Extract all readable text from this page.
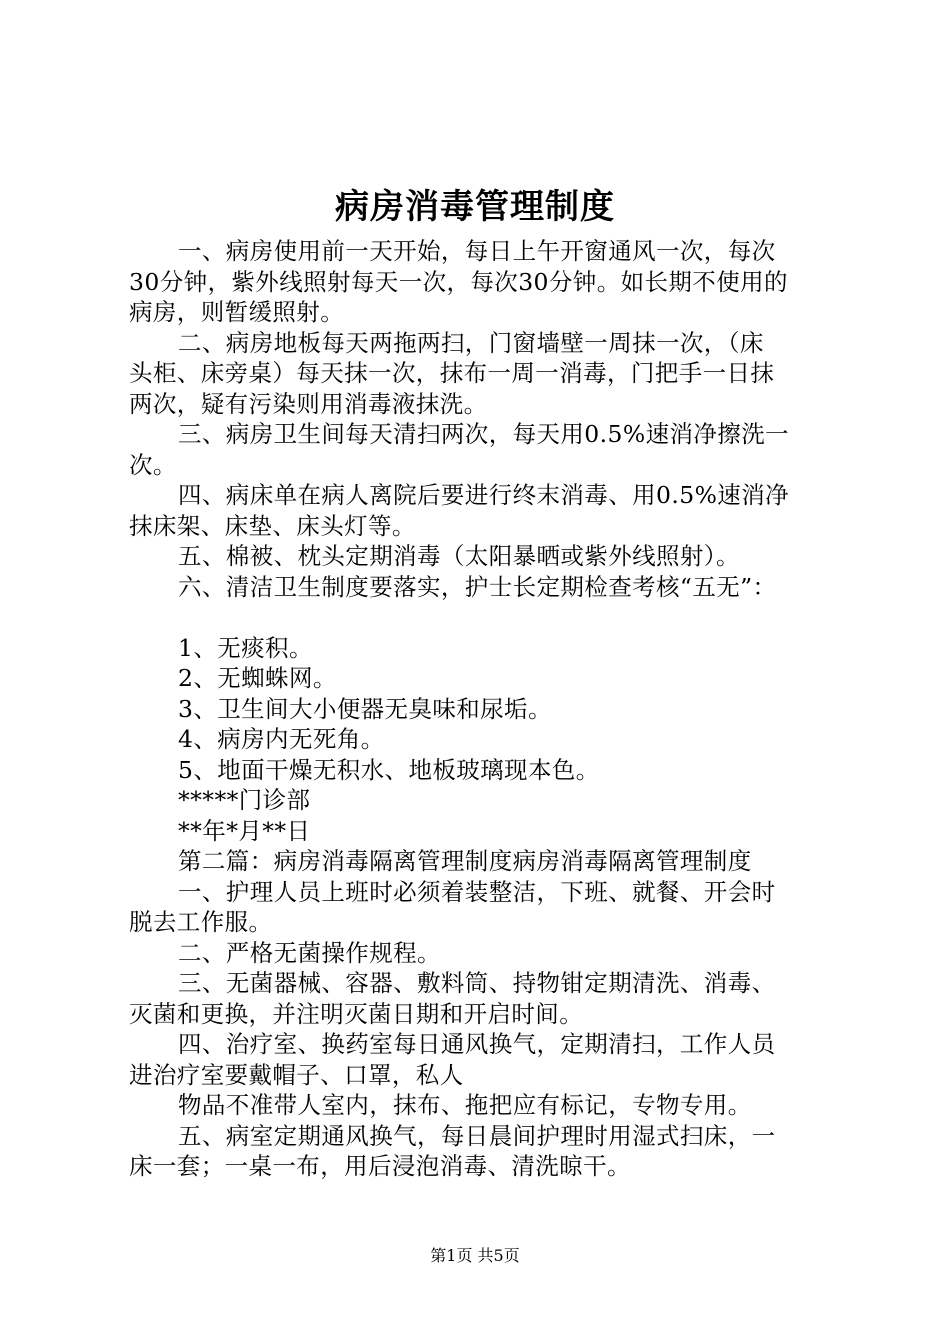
病房消毒管理制度

一、病房使用前一天开始，每日上午开窗通风一次，每次

30分钟，紫外线照射每天一次，每次30分钟。如长期不使用的

病房，则暂缓照射。

二、病房地板每天两拖两扫，门窗墙壁一周抹一次，（床

头柜、床旁桌）每天抹一次，抹布一周一消毒，门把手一日抹

两次，疑有污染则用消毒液抹洗。

三、病房卫生间每天清扫两次，每天用0.5%速消净擦洗一

次。

四、病床单在病人离院后要进行终末消毒、用0.5%速消净

抹床架、床垫、床头灯等。

五、棉被、枕头定期消毒（太阳暴晒或紫外线照射）。

六、清洁卫生制度要落实，护士长定期检查考核“五无”：

1、无痰积。

2、无蜘蛛网。

3、卫生间大小便器无臭味和尿垢。

4、病房内无死角。

5、地面干燥无积水、地板玻璃现本色。

*****门诊部

**年*月**日

第二篇：病房消毒隔离管理制度病房消毒隔离管理制度

一、护理人员上班时必须着装整洁，下班、就餐、开会时

脱去工作服。

二、严格无菌操作规程。

三、无菌器械、容器、敷料筒、持物钳定期清洗、消毒、

灭菌和更换，并注明灭菌日期和开启时间。

四、治疗室、换药室每日通风换气，定期清扫，工作人员

进治疗室要戴帽子、口罩，私人

物品不准带人室内，抹布、拖把应有标记，专物专用。

五、病室定期通风换气，每日晨间护理时用湿式扫床，一

床一套；一桌一布，用后浸泡消毒、清洗晾干。

第1页 共5页
